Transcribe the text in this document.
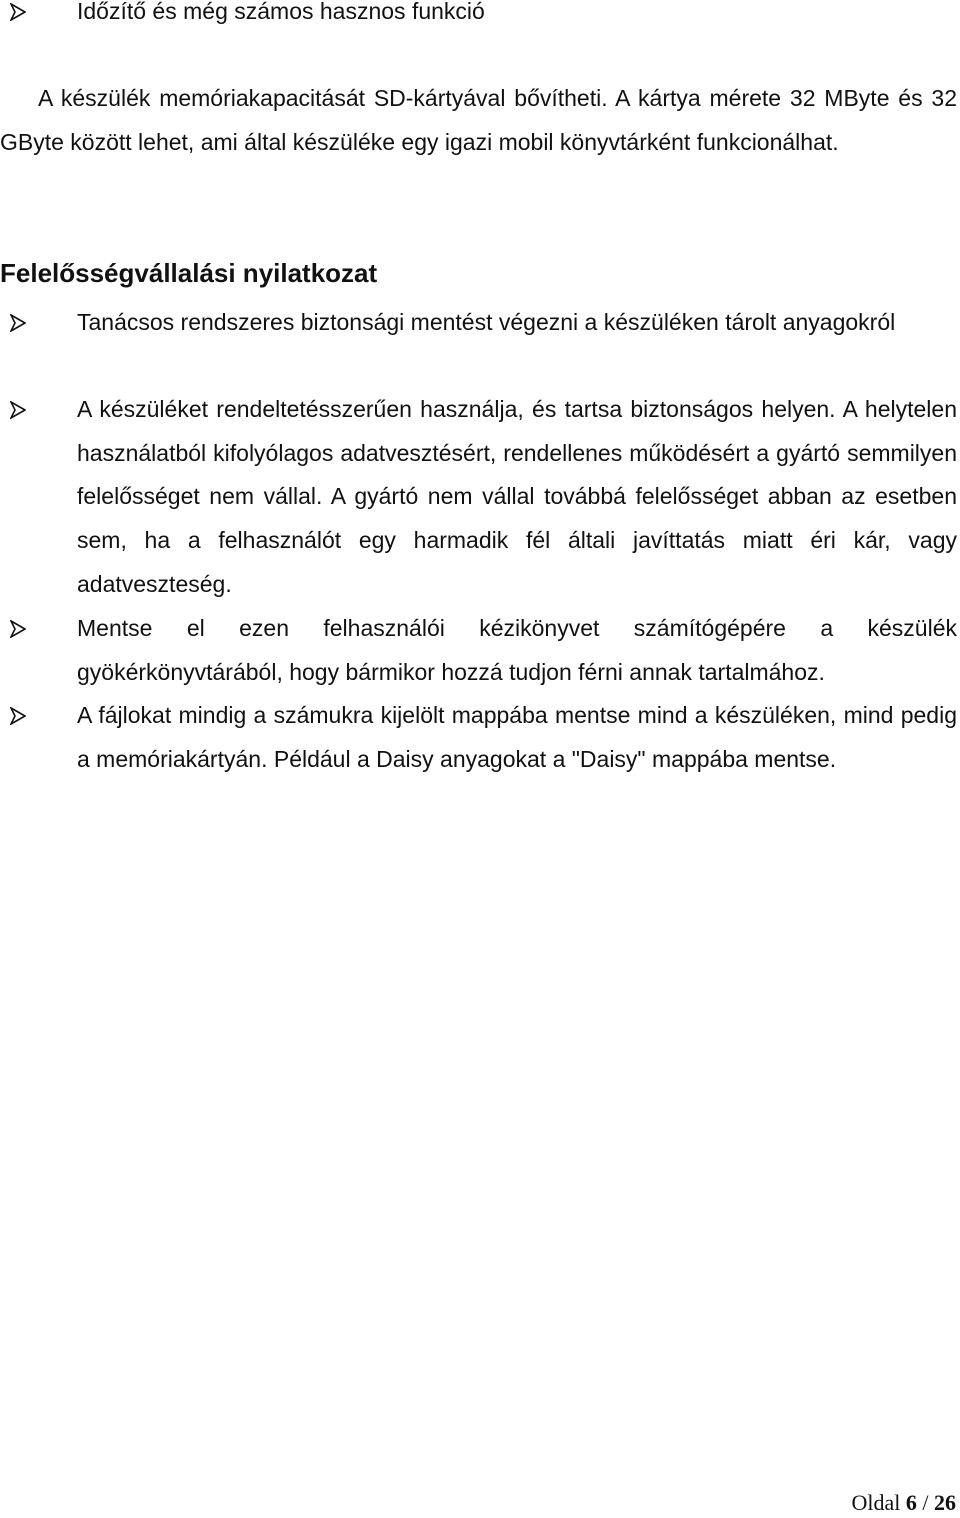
Időzítő és még számos hasznos funkció
A készülék memóriakapacitását SD-kártyával bővítheti. A kártya mérete 32 MByte és 32 GByte között lehet, ami által készüléke egy igazi mobil könyvtárként funkcionálhat.
Felelősségvállalási nyilatkozat
Tanácsos rendszeres biztonsági mentést végezni a készüléken tárolt anyagokról
A készüléket rendeltetésszerűen használja, és tartsa biztonságos helyen. A helytelen használatból kifolyólagos adatvesztésért, rendellenes működésért a gyártó semmilyen felelősséget nem vállal. A gyártó nem vállal továbbá felelősséget abban az esetben sem, ha a felhasználót egy harmadik fél általi javíttatás miatt éri kár, vagy adatveszteség.
Mentse el ezen felhasználói kézikönyvet számítógépére a készülék gyökérkönyvtárából, hogy bármikor hozzá tudjon férni annak tartalmához.
A fájlokat mindig a számukra kijelölt mappába mentse mind a készüléken, mind pedig a memóriakártyán. Például a Daisy anyagokat a "Daisy" mappába mentse.
Oldal 6 / 26
